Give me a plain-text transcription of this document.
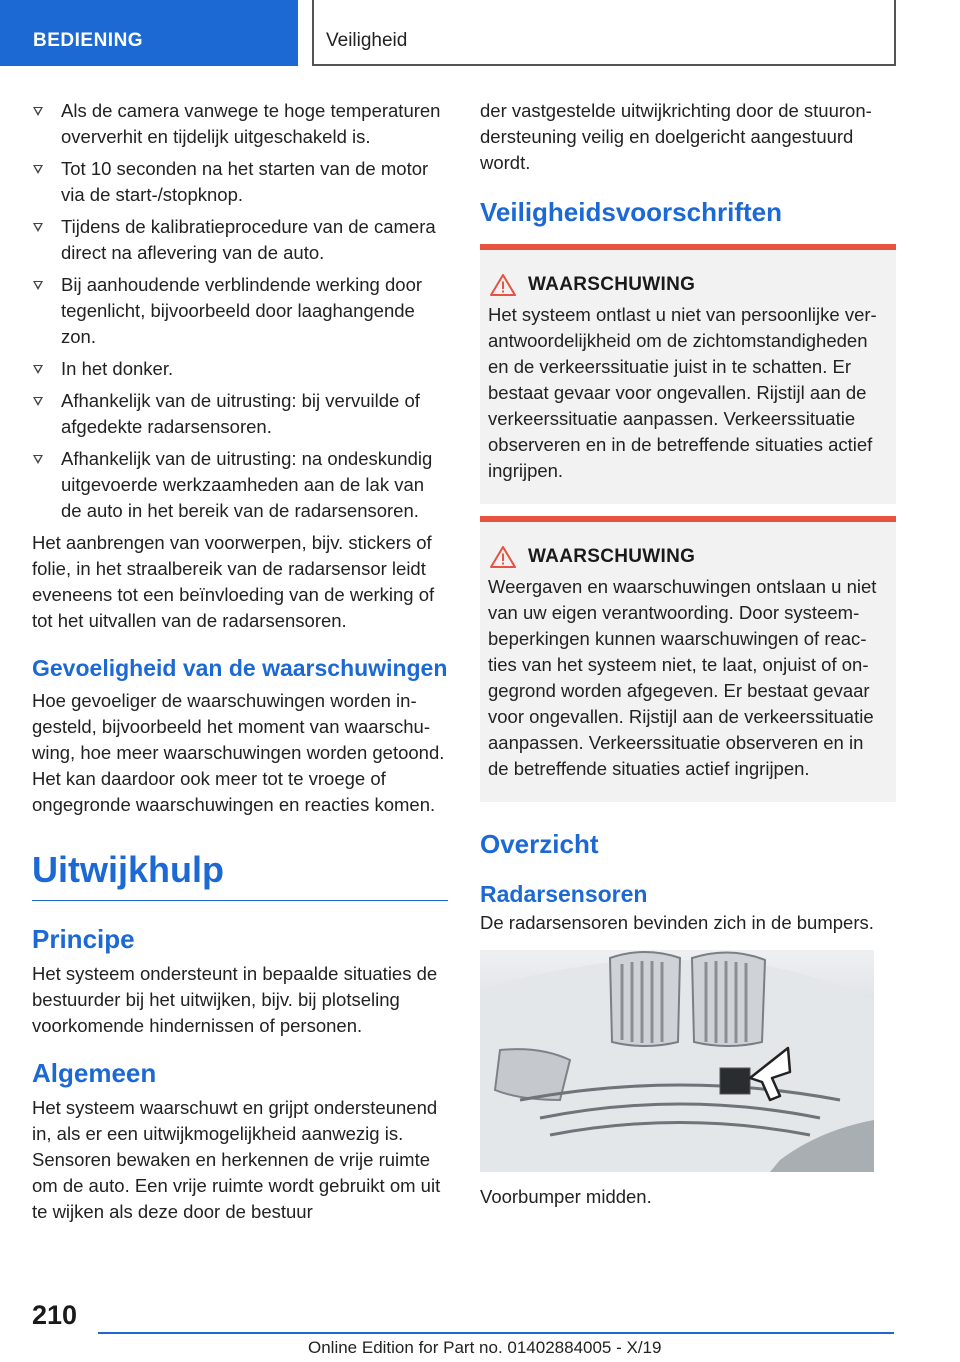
BEDIENING	Veiligheid
Als de camera vanwege te hoge temperaturen oververhit en tijdelijk uitgeschakeld is.
Tot 10 seconden na het starten van de motor via de start-/stopknop.
Tijdens de kalibratieprocedure van de camera direct na aflevering van de auto.
Bij aanhoudende verblindende werking door tegenlicht, bijvoorbeeld door laaghangende zon.
In het donker.
Afhankelijk van de uitrusting: bij vervuilde of afgedekte radarsensoren.
Afhankelijk van de uitrusting: na ondeskundig uitgevoerde werkzaamheden aan de lak van de auto in het bereik van de radarsensoren.

Het aanbrengen van voorwerpen, bijv. stickers of folie, in het straalbereik van de radarsensor leidt eveneens tot een beïnvloeding van de werking of tot het uitvallen van de radarsensoren.

Gevoeligheid van de waarschuwingen

Hoe gevoeliger de waarschuwingen worden ingesteld, bijvoorbeeld het moment van waarschuwing, hoe meer waarschuwingen worden getoond. Het kan daardoor ook meer tot te vroege of ongegronde waarschuwingen en reacties komen.

Uitwijkhulp
Principe

Het systeem ondersteunt in bepaalde situaties de bestuurder bij het uitwijken, bijv. bij plotseling voorkomende hindernissen of personen.

Algemeen

Het systeem waarschuwt en grijpt ondersteunend in, als er een uitwijkmogelijkheid aanwezig is. Sensoren bewaken en herkennen de vrije ruimte om de auto. Een vrije ruimte wordt gebruikt om uit te wijken als deze door de bestuur

der vastgestelde uitwijkrichting door de stuurondersteuning veilig en doelgericht aangestuurd wordt.

Veiligheidsvoorschriften
WAARSCHUWING

Het systeem ontlast u niet van persoonlijke verantwoordelijkheid om de zichtomstandigheden en de verkeerssituatie juist in te schatten. Er bestaat gevaar voor ongevallen. Rijstijl aan de verkeerssituatie aanpassen. Verkeerssituatie observeren en in de betreffende situaties actief ingrijpen.

WAARSCHUWING

Weergaven en waarschuwingen ontslaan u niet van uw eigen verantwoording. Door systeembeperkingen kunnen waarschuwingen of reacties van het systeem niet, te laat, onjuist of ongegrond worden afgegeven. Er bestaat gevaar voor ongevallen. Rijstijl aan de verkeerssituatie aanpassen. Verkeerssituatie observeren en in de betreffende situaties actief ingrijpen.

Overzicht
Radarsensoren

De radarsensoren bevinden zich in de bumpers.

Voorbumper midden.

210
Online Edition for Part no. 01402884005 - X/19
